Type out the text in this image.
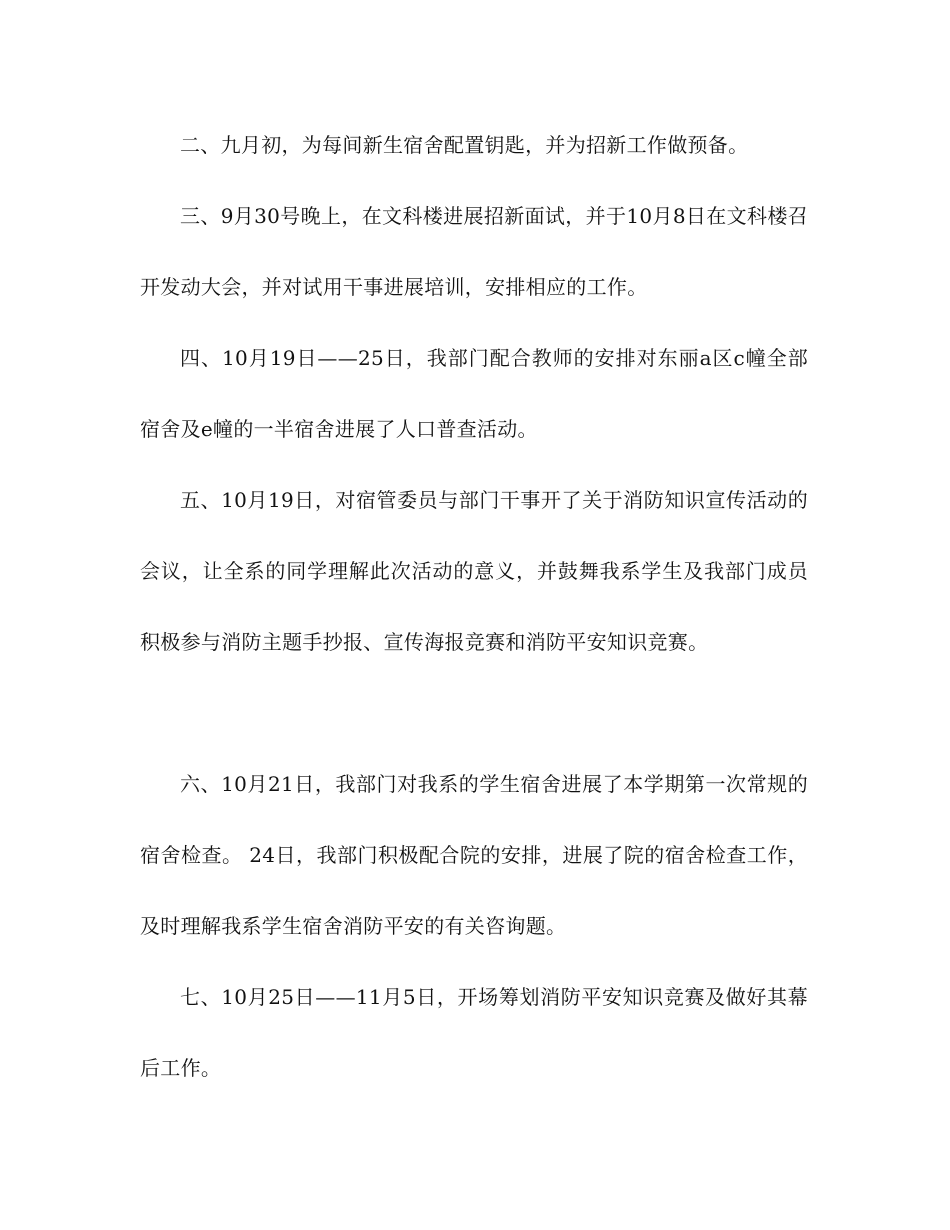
二、九月初，为每间新生宿舍配置钥匙，并为招新工作做预备。

三、9月30号晚上，在文科楼进展招新面试，并于10月8日在文科楼召开发动大会，并对试用干事进展培训，安排相应的工作。

四、10月19日——25日，我部门配合教师的安排对东丽a区c幢全部宿舍及e幢的一半宿舍进展了人口普查活动。

五、10月19日，对宿管委员与部门干事开了关于消防知识宣传活动的会议，让全系的同学理解此次活动的意义，并鼓舞我系学生及我部门成员积极参与消防主题手抄报、宣传海报竞赛和消防平安知识竞赛。

六、10月21日，我部门对我系的学生宿舍进展了本学期第一次常规的宿舍检查。 24日，我部门积极配合院的安排，进展了院的宿舍检查工作，及时理解我系学生宿舍消防平安的有关咨询题。

七、10月25日——11月5日，开场筹划消防平安知识竞赛及做好其幕后工作。
